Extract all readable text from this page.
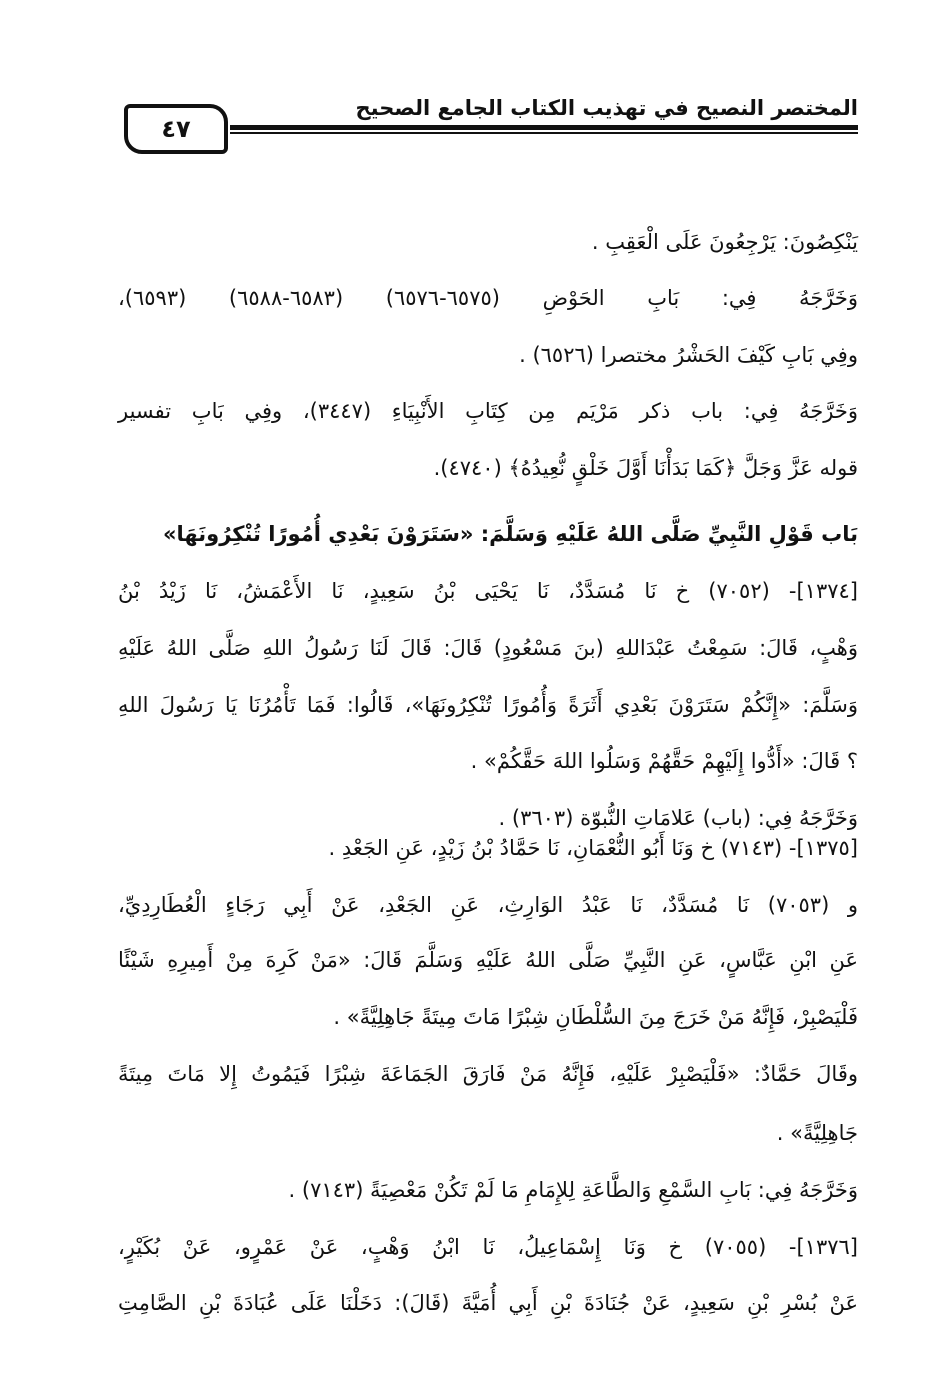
المختصر النصيح في تهذيب الكتاب الجامع الصحيح
٤٧
يَنْكِصُونَ: يَرْجِعُونَ عَلَى الْعَقِبِ .
وَخَرَّجَهُ فِي: بَابِ الحَوْضِ (٦٥٧٥-٦٥٧٦) (٦٥٨٣-٦٥٨٨) (٦٥٩٣)،
وفِي بَابِ كَيْفَ الحَشْرُ مختصرا (٦٥٢٦) .
وَخَرَّجَهُ فِي: باب ذكر مَرْيَم مِن كِتَابِ الأَنْبِيَاءِ (٣٤٤٧)، وفِي بَابِ تفسير
قوله عَزَّ وَجَلَّ ﴿كَمَا بَدَأْنَا أَوَّلَ خَلْقٍ نُّعِيدُهُ﴾ (٤٧٤٠).
بَاب قَوْلِ النَّبِيِّ صَلَّى اللهُ عَلَيْهِ وَسَلَّمَ: «سَتَرَوْنَ بَعْدِي أُمُورًا تُنْكِرُونَهَا»
[١٣٧٤]- (٧٠٥٢) خ نَا مُسَدَّدٌ، نَا يَحْيَى بْنُ سَعِيدٍ، نَا الأَعْمَشُ، نَا زَيْدُ بْنُ
وَهْبٍ، قَالَ: سَمِعْتُ عَبْدَاللهِ (بنَ مَسْعُودٍ) قَالَ: قَالَ لَنَا رَسُولُ اللهِ صَلَّى اللهُ عَلَيْهِ
وَسَلَّمَ: «إِنَّكُمْ سَتَرَوْنَ بَعْدِي أَثَرَةً وَأُمُورًا تُنْكِرُونَهَا»، قَالُوا: فَمَا تَأْمُرُنَا يَا رَسُولَ اللهِ
؟ قَالَ: «أَدُّوا إِلَيْهِمْ حَقَّهُمْ وَسَلُوا اللهَ حَقَّكُمْ» .
وَخَرَّجَهُ فِي: (باب) عَلامَاتِ النُّبوّة (٣٦٠٣) .
[١٣٧٥]- (٧١٤٣) خ وَنَا أَبُو النُّعْمَانِ، نَا حَمَّادُ بْنُ زَيْدٍ، عَنِ الجَعْدِ .
و (٧٠٥٣) نَا مُسَدَّدٌ، نَا عَبْدُ الوَارِثِ، عَنِ الجَعْدِ، عَنْ أَبِي رَجَاءٍ الْعُطَارِدِيِّ،
عَنِ ابْنِ عَبَّاسٍ، عَنِ النَّبِيِّ صَلَّى اللهُ عَلَيْهِ وَسَلَّمَ قَالَ: «مَنْ كَرِهَ مِنْ أَمِيرِهِ شَيْئًا
فَلْيَصْبِرْ، فَإِنَّهُ مَنْ خَرَجَ مِنَ السُّلْطَانِ شِبْرًا مَاتَ مِيتَةً جَاهِلِيَّةً» .
وقَالَ حَمَّادٌ: «فَلْيَصْبِرْ عَلَيْهِ، فَإِنَّهُ مَنْ فَارَقَ الجَمَاعَةَ شِبْرًا فَيَمُوتُ إِلا مَاتَ مِيتَةً
جَاهِلِيَّةً» .
وَخَرَّجَهُ فِي: بَابِ السَّمْعِ وَالطَّاعَةِ لِلإِمَامِ مَا لَمْ تَكُنْ مَعْصِيَةً (٧١٤٣) .
[١٣٧٦]- (٧٠٥٥) خ وَنَا إِسْمَاعِيلُ، نَا ابْنُ وَهْبٍ، عَنْ عَمْرٍو، عَنْ بُكَيْرٍ،
عَنْ بُسْرِ بْنِ سَعِيدٍ، عَنْ جُنَادَةَ بْنِ أَبِي أُمَيَّةَ (قَالَ): دَخَلْنَا عَلَى عُبَادَةَ بْنِ الصَّامِتِ
